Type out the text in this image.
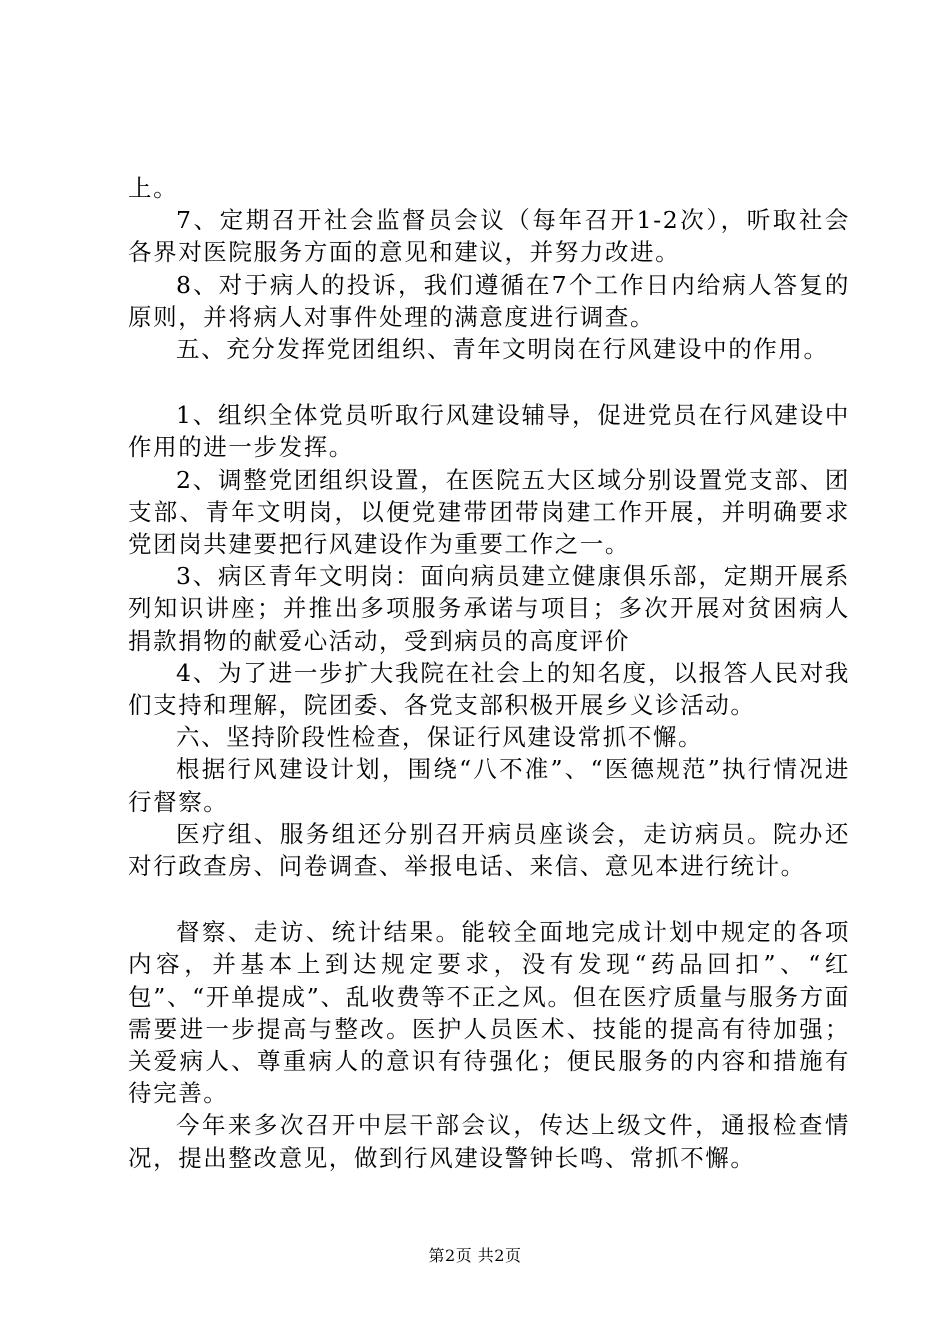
上。

7、定期召开社会监督员会议（每年召开1-2次），听取社会各界对医院服务方面的意见和建议，并努力改进。

8、对于病人的投诉，我们遵循在7个工作日内给病人答复的原则，并将病人对事件处理的满意度进行调查。

五、充分发挥党团组织、青年文明岗在行风建设中的作用。

1、组织全体党员听取行风建设辅导，促进党员在行风建设中作用的进一步发挥。

2、调整党团组织设置，在医院五大区域分别设置党支部、团支部、青年文明岗，以便党建带团带岗建工作开展，并明确要求党团岗共建要把行风建设作为重要工作之一。

3、病区青年文明岗：面向病员建立健康俱乐部，定期开展系列知识讲座；并推出多项服务承诺与项目；多次开展对贫困病人捐款捐物的献爱心活动，受到病员的高度评价

4、为了进一步扩大我院在社会上的知名度，以报答人民对我们支持和理解，院团委、各党支部积极开展乡义诊活动。

六、坚持阶段性检查，保证行风建设常抓不懈。

根据行风建设计划，围绕“八不准”、“医德规范”执行情况进行督察。

医疗组、服务组还分别召开病员座谈会，走访病员。院办还对行政查房、问卷调查、举报电话、来信、意见本进行统计。

督察、走访、统计结果。能较全面地完成计划中规定的各项内容，并基本上到达规定要求，没有发现“药品回扣”、“红包”、“开单提成”、乱收费等不正之风。但在医疗质量与服务方面需要进一步提高与整改。医护人员医术、技能的提高有待加强；关爱病人、尊重病人的意识有待强化；便民服务的内容和措施有待完善。

今年来多次召开中层干部会议，传达上级文件，通报检查情况，提出整改意见，做到行风建设警钟长鸣、常抓不懈。

第2页 共2页
